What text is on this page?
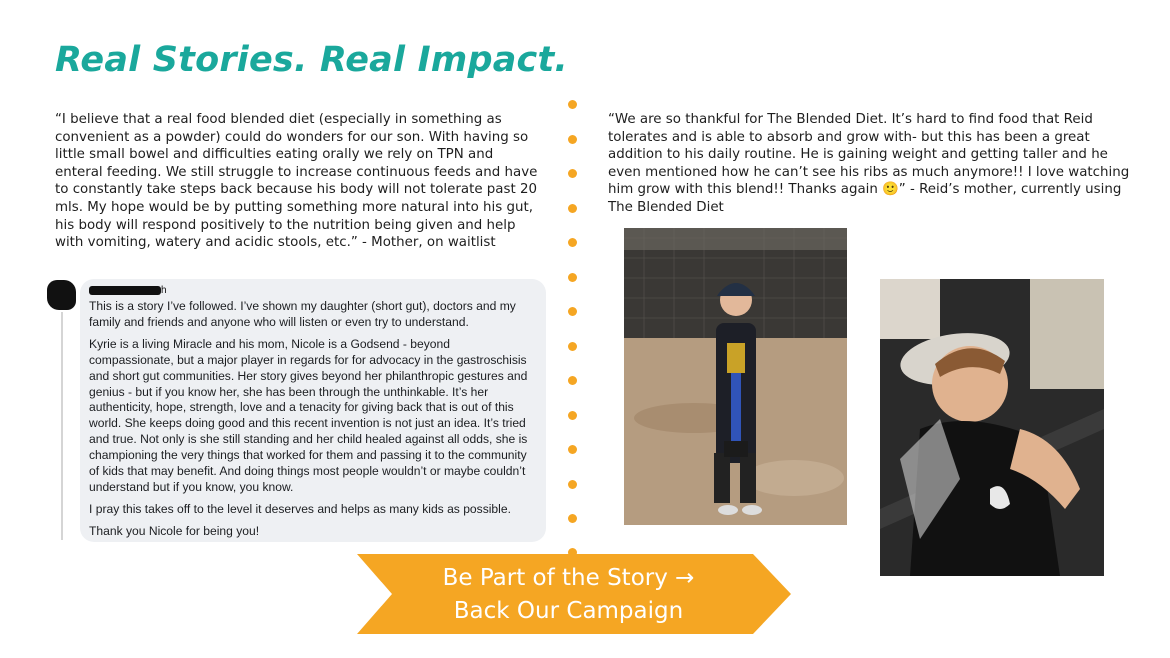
Real Stories. Real Impact.
“I believe that a real food blended diet (especially in something as convenient as a powder) could do wonders for our son. With having so little small bowel and difficulties eating orally we rely on TPN and enteral feeding. We still struggle to increase continuous feeds and have to constantly take steps back because his body will not tolerate past 20 mls. My hope would be by putting something more natural into his gut, his body will respond positively to the nutrition being given and help with vomiting, watery and acidic stools, etc.” - Mother, on waitlist
“We are so thankful for The Blended Diet. It’s hard to find food that Reid tolerates and is able to absorb and grow with- but this has been a great addition to his daily routine. He is gaining weight and getting taller and he even mentioned how he can’t see his ribs as much anymore!! I love watching him grow with this blend!! Thanks again 🙂” - Reid’s mother, currently using The Blended Diet
h

This is a story I’ve followed. I’ve shown my daughter (short gut), doctors and my family and friends and anyone who will listen or even try to understand.

Kyrie is a living Miracle and his mom, Nicole is a Godsend - beyond compassionate, but a major player in regards for for advocacy in the gastroschisis and short gut communities. Her story gives beyond her philanthropic gestures and genius - but if you know her, she has been through the unthinkable. It’s her authenticity, hope, strength, love and a tenacity for giving back that is out of this world. She keeps doing good and this recent invention is not just an idea. It’s tried and true. Not only is she still standing and her child healed against all odds, she is championing the very things that worked for them and passing it to the community of kids that may benefit. And doing things most people wouldn’t or maybe couldn’t understand but if you know, you know.

I pray this takes off to the level it deserves and helps as many kids as possible.

Thank you Nicole for being you!

Be Part of the Story →
Back Our Campaign
